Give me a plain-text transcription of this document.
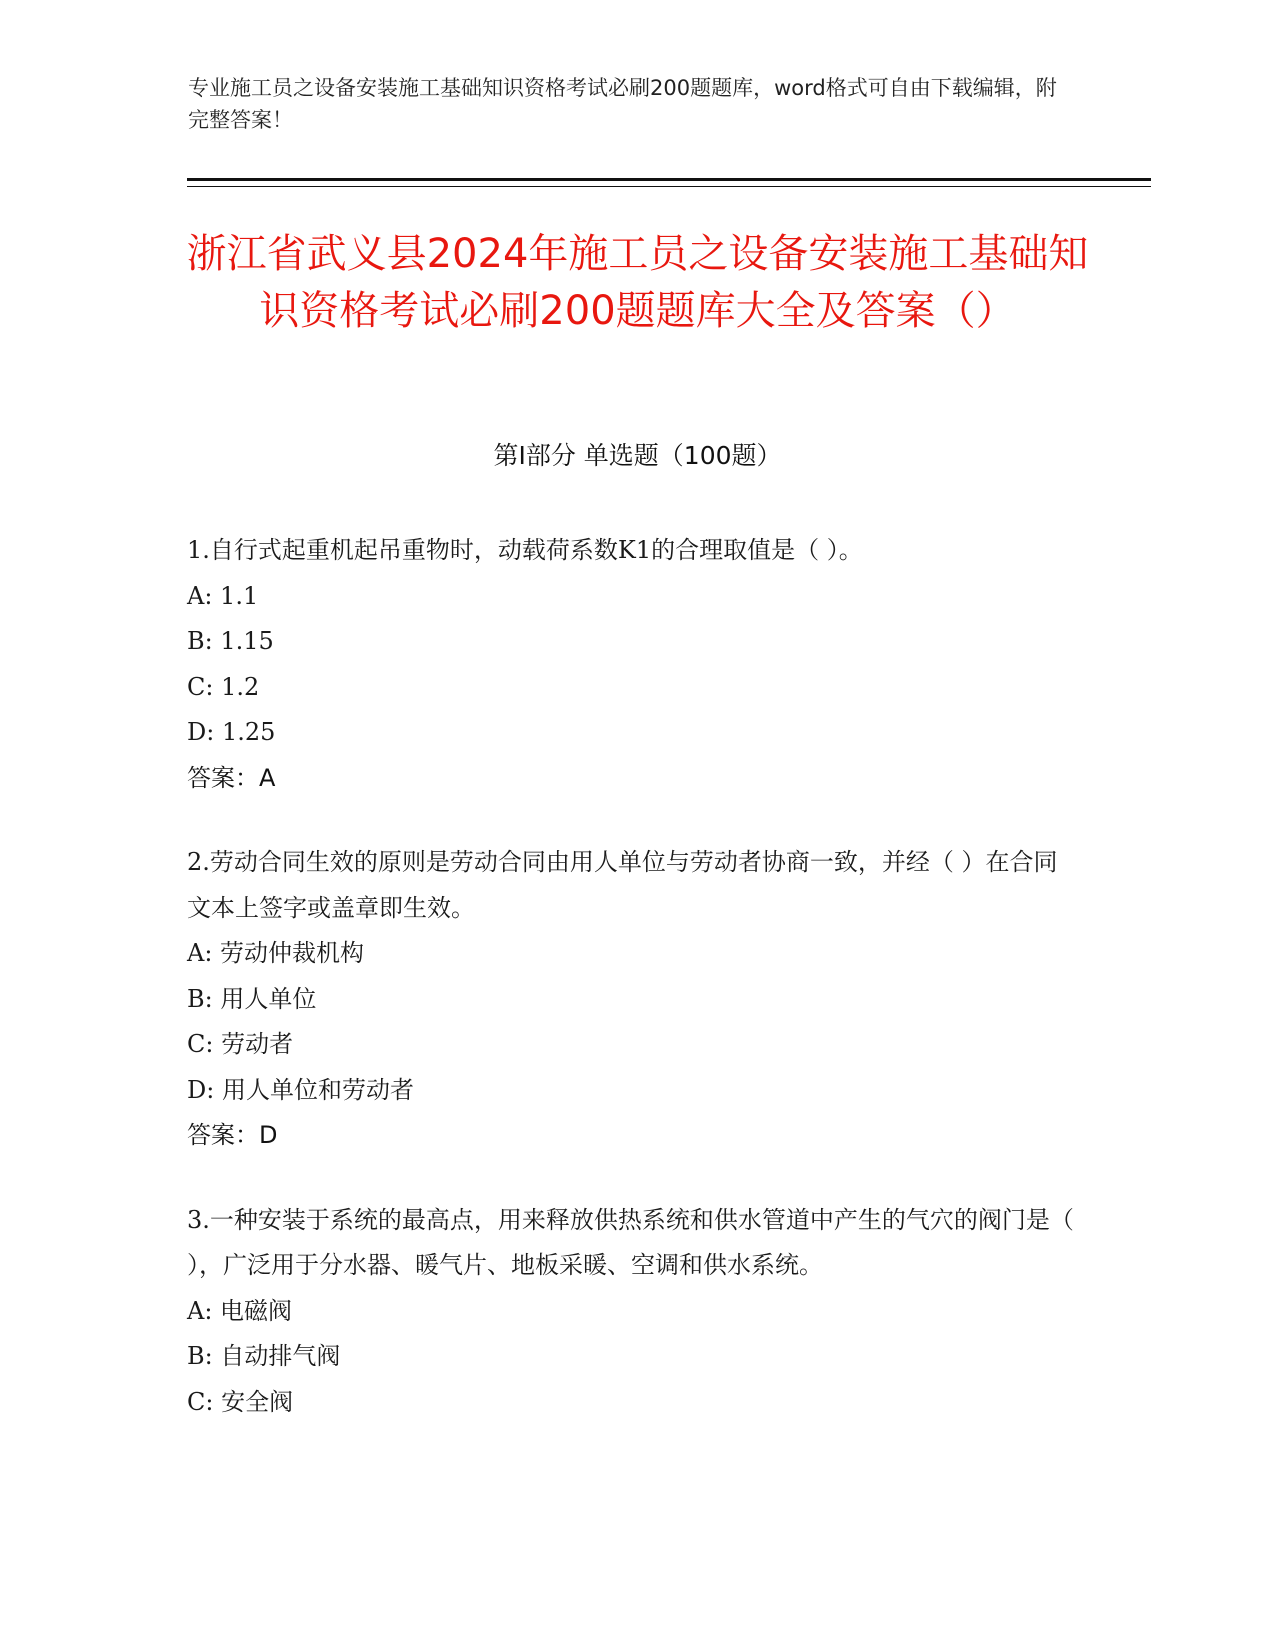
专业施工员之设备安装施工基础知识资格考试必刷200题题库，word格式可自由下载编辑，附完整答案！

浙江省武义县2024年施工员之设备安装施工基础知识资格考试必刷200题题库大全及答案（）
第Ⅰ部分 单选题（100题）

1.自行式起重机起吊重物时，动载荷系数K1的合理取值是（ ）。

A: 1.1

B: 1.15

C: 1.2

D: 1.25

答案：A

2.劳动合同生效的原则是劳动合同由用人单位与劳动者协商一致，并经（ ）在合同文本上签字或盖章即生效。

A: 劳动仲裁机构

B: 用人单位

C: 劳动者

D: 用人单位和劳动者

答案：D

3.一种安装于系统的最高点，用来释放供热系统和供水管道中产生的气穴的阀门是（ ），广泛用于分水器、暖气片、地板采暖、空调和供水系统。

A: 电磁阀

B: 自动排气阀

C: 安全阀
